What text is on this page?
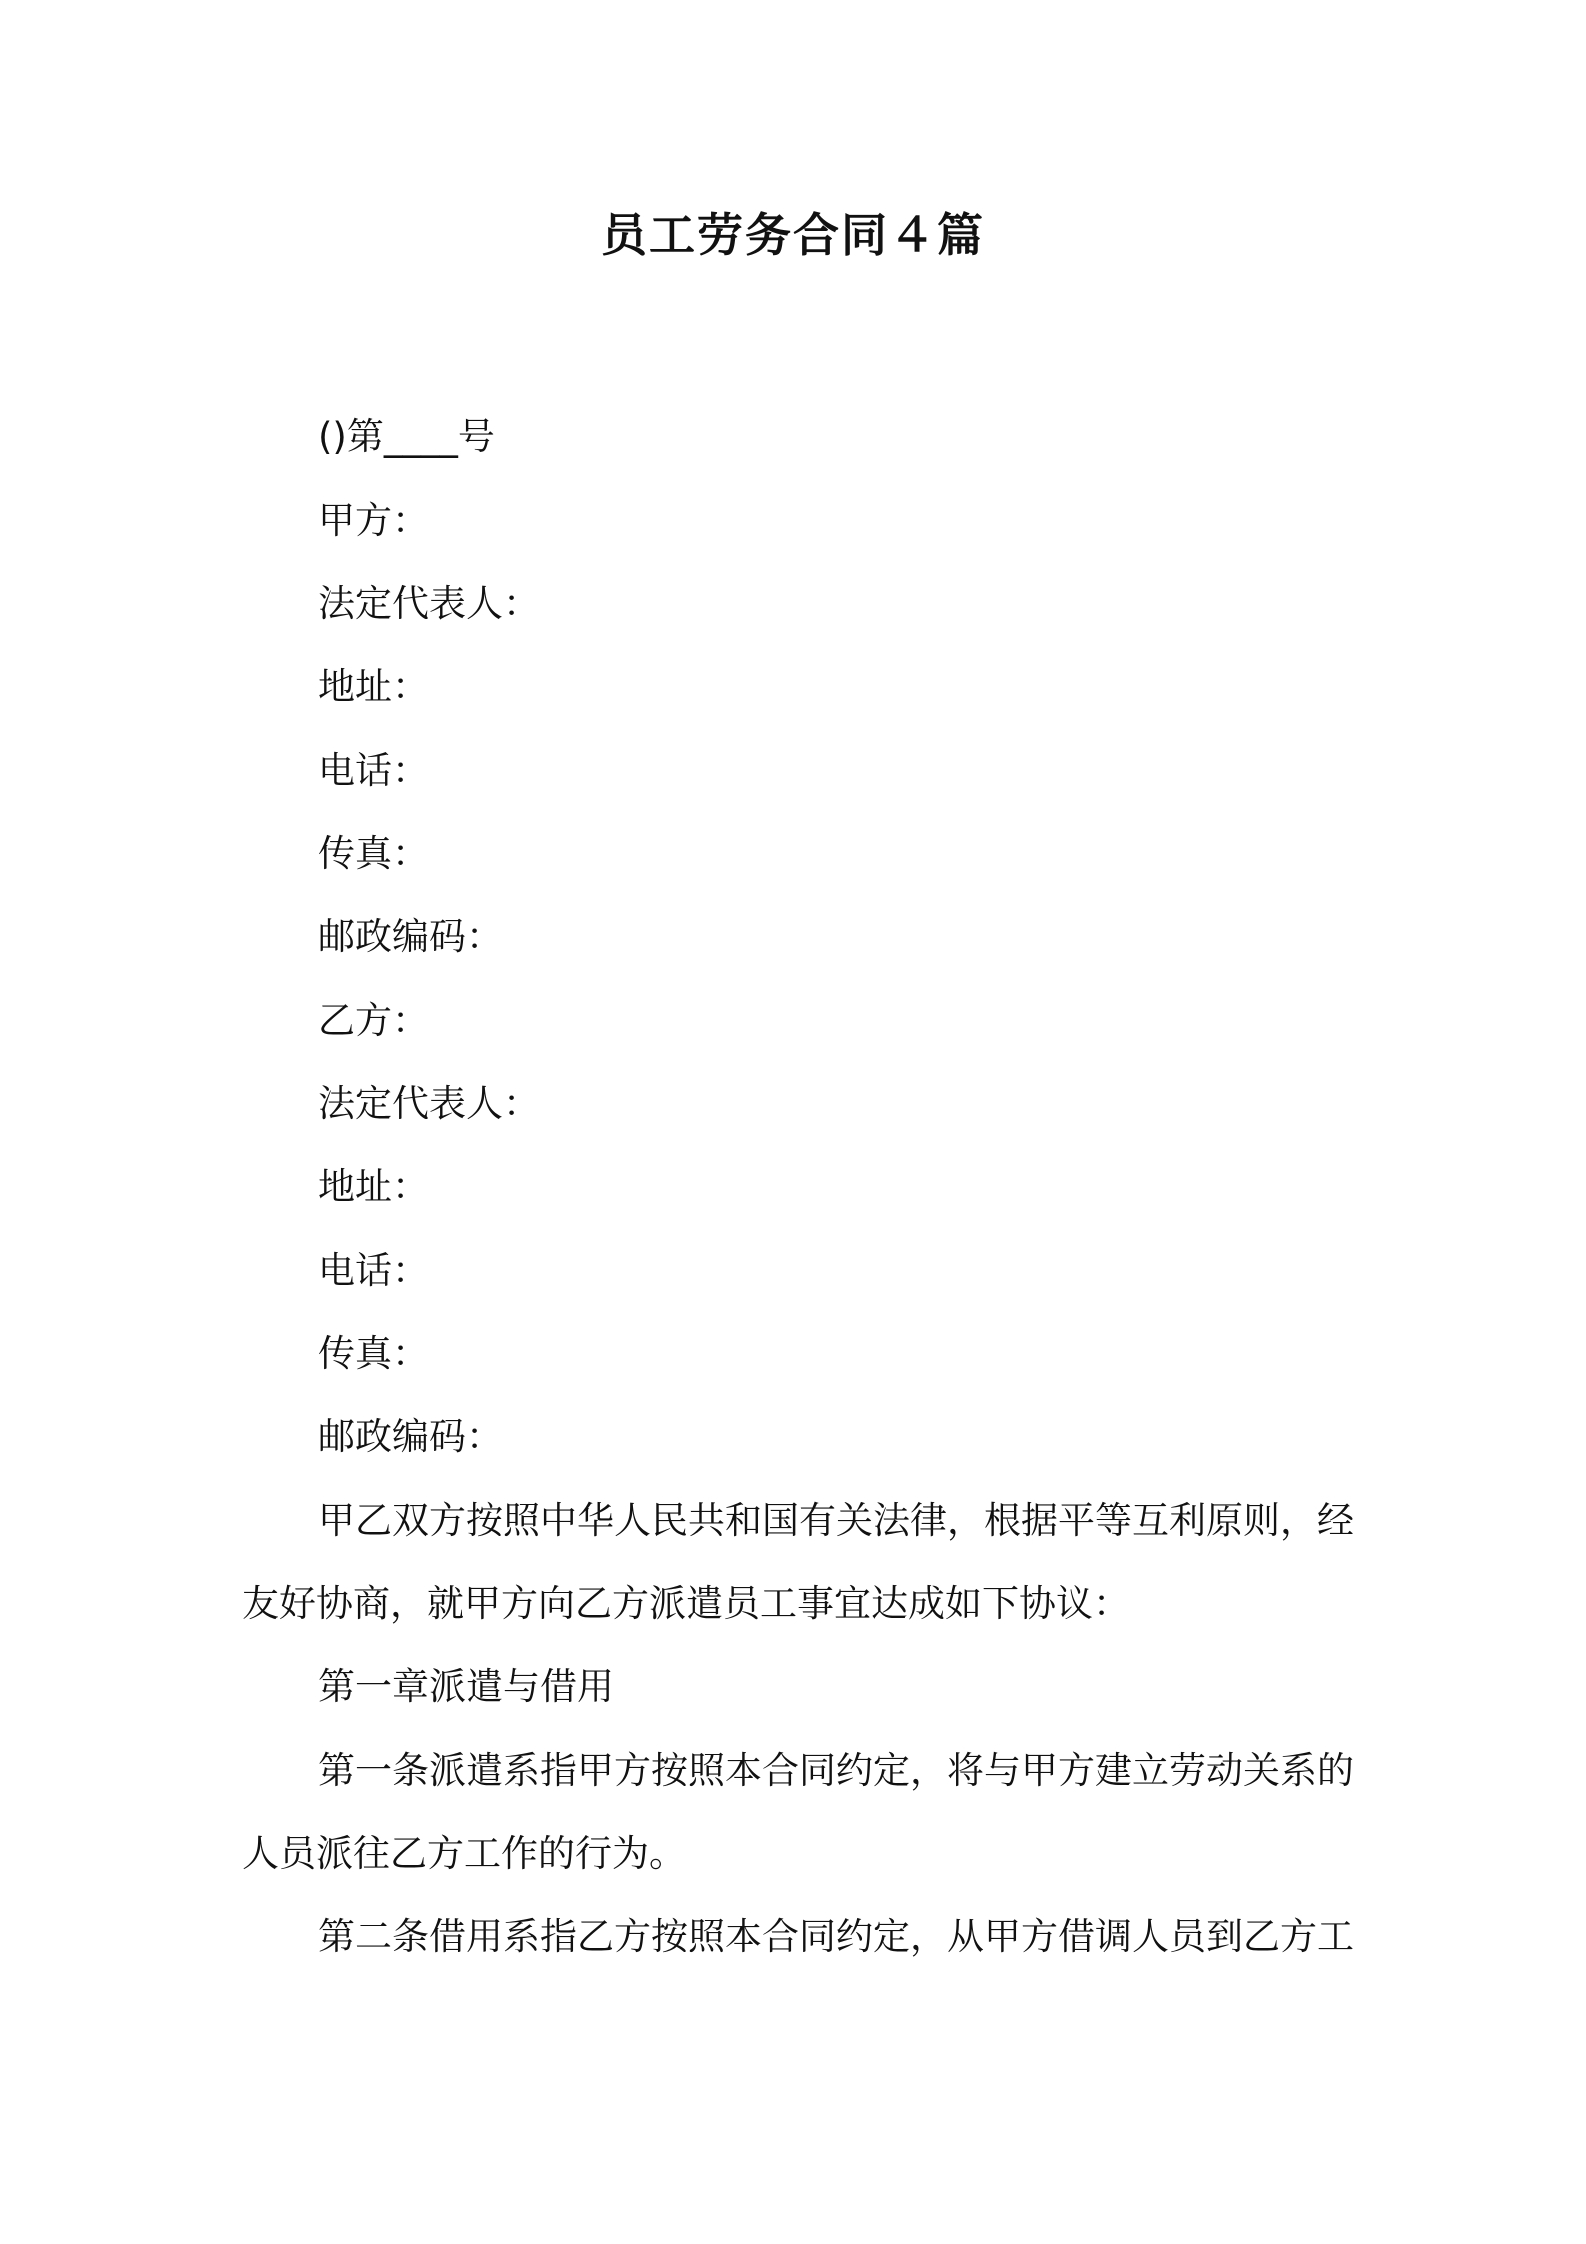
员工劳务合同４篇
()第____号
甲方：
法定代表人：
地址：
电话：
传真：
邮政编码：
乙方：
法定代表人：
地址：
电话：
传真：
邮政编码：
甲乙双方按照中华人民共和国有关法律，根据平等互利原则，经
友好协商，就甲方向乙方派遣员工事宜达成如下协议：
第一章派遣与借用
第一条派遣系指甲方按照本合同约定，将与甲方建立劳动关系的
人员派往乙方工作的行为。
第二条借用系指乙方按照本合同约定，从甲方借调人员到乙方工
